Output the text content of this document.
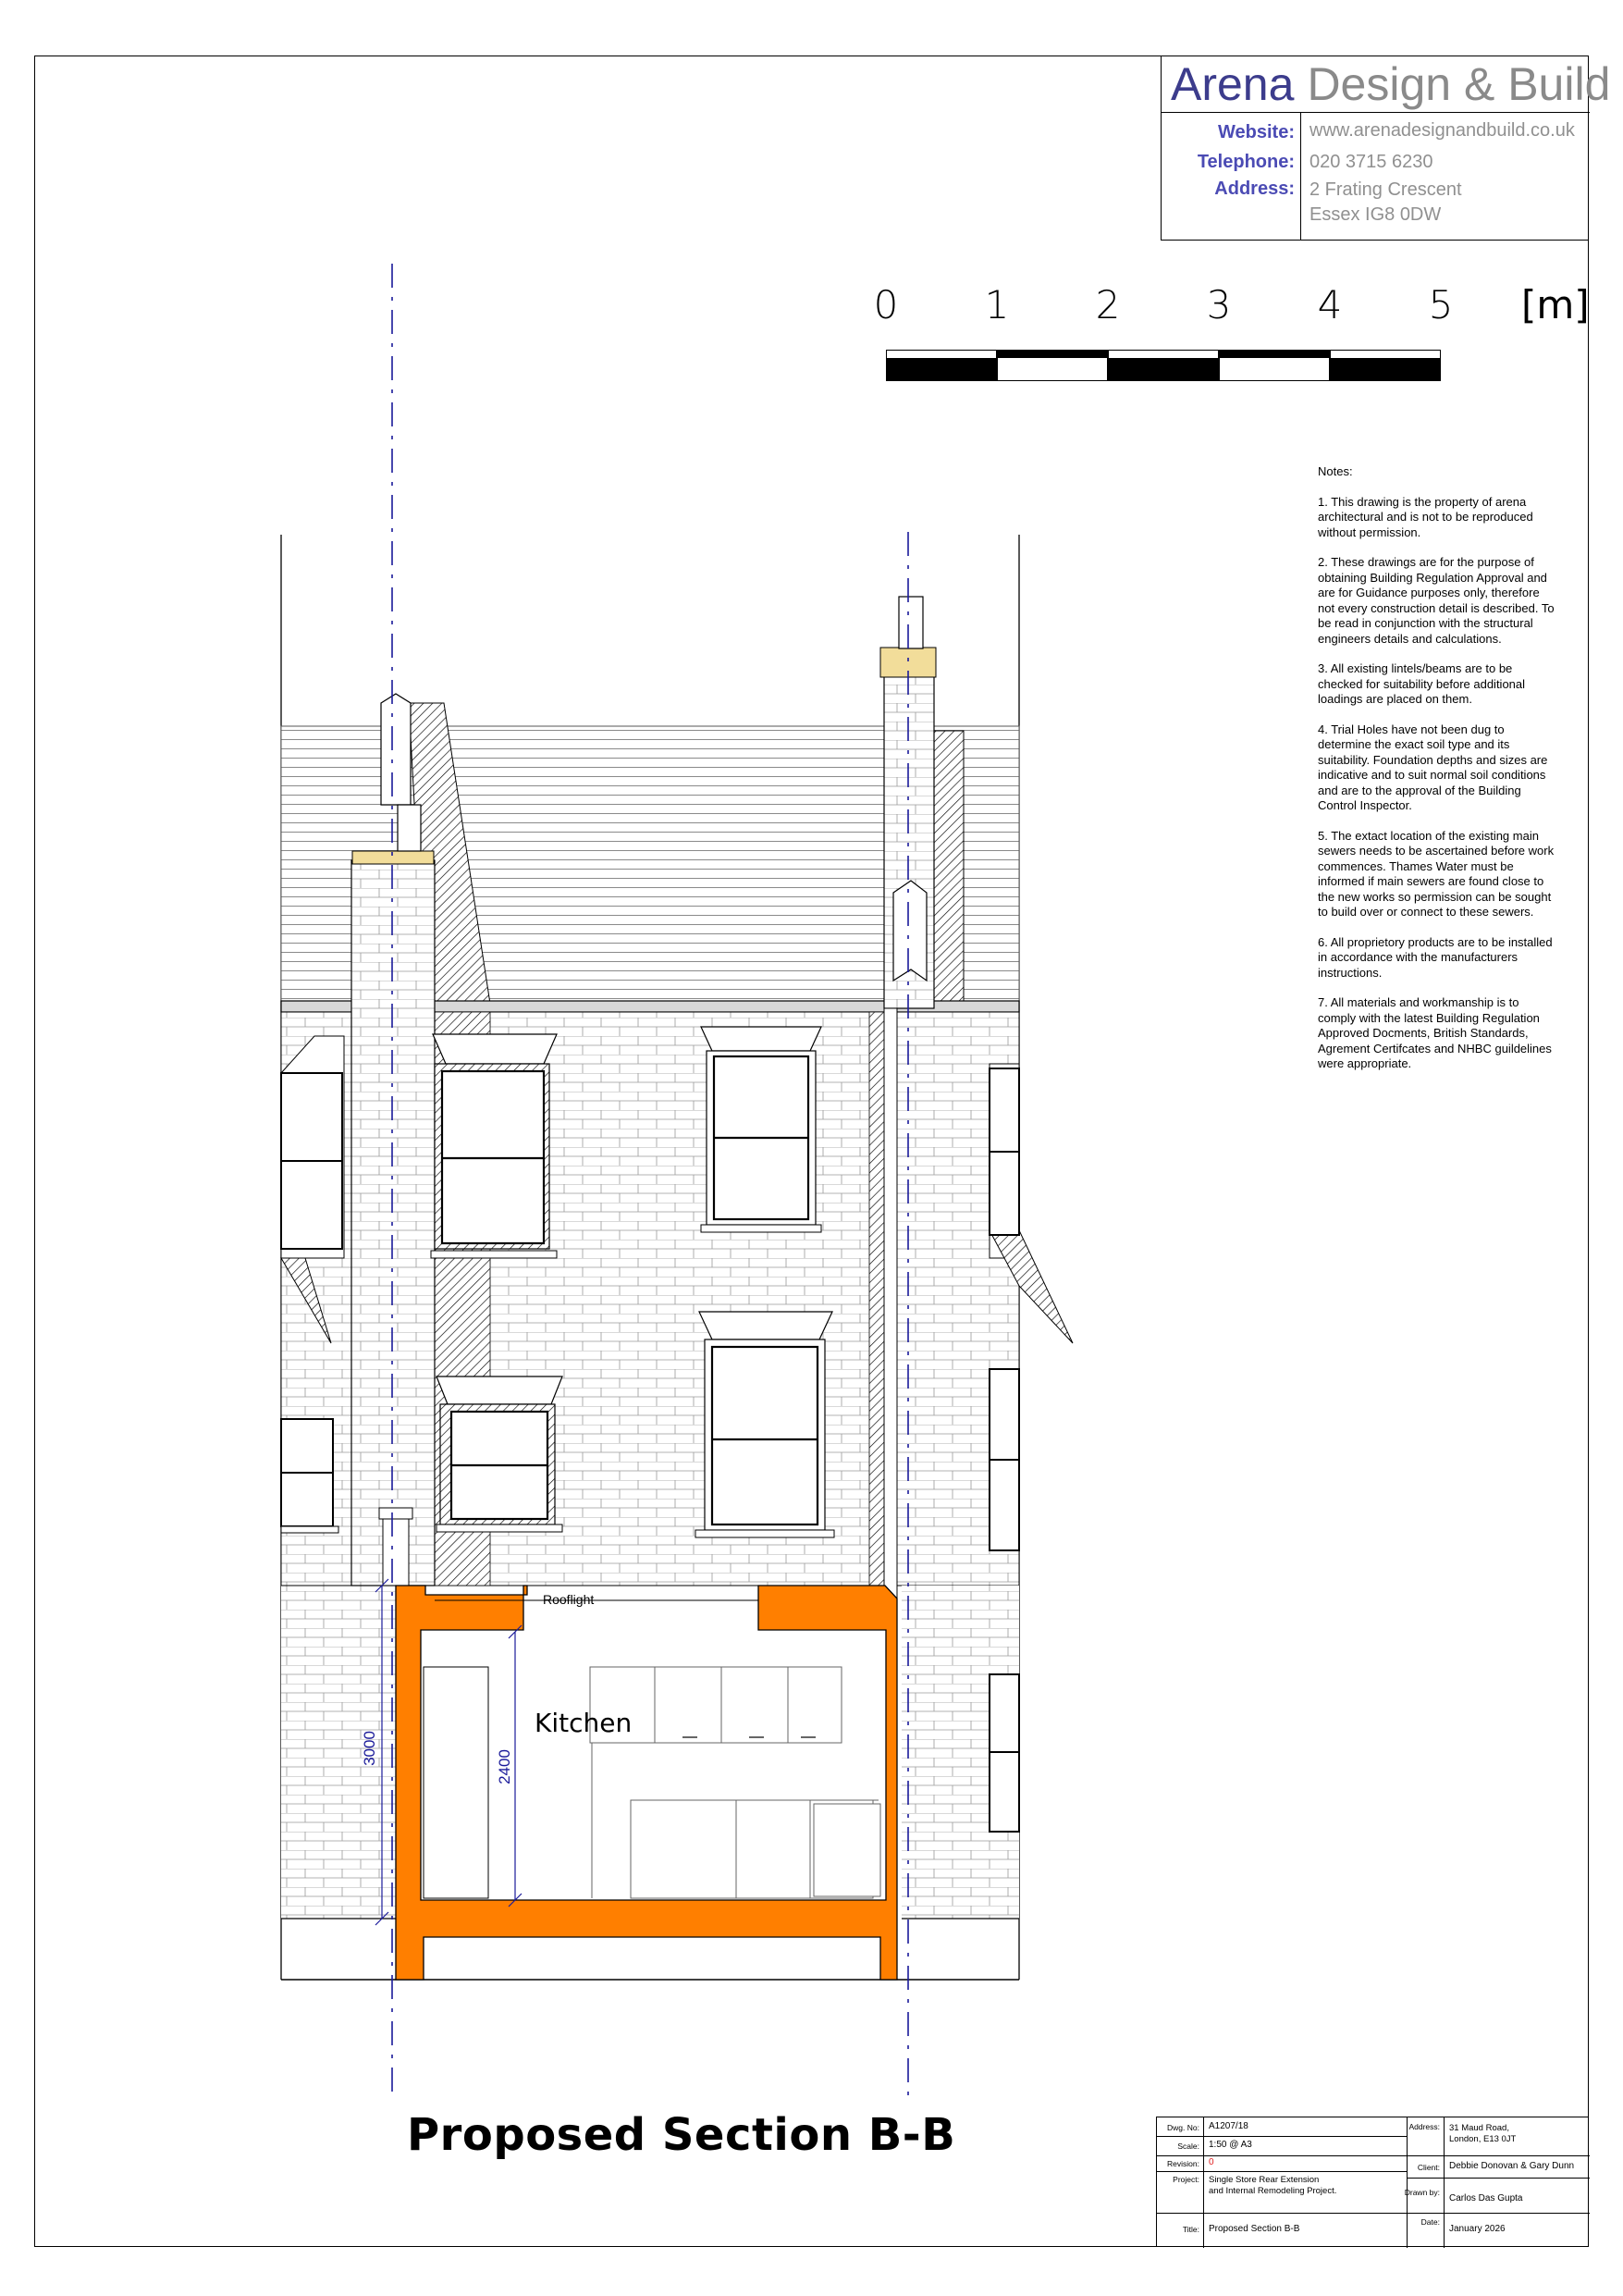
Arena Design & Build
Website: www.arenadesignandbuild.co.uk
Telephone: 020 3715 6230
Address: 2 Frating Crescent
Essex IG8 0DW
0 1 2 3 4 5 [m]
Notes:
1. This drawing is the property of arena architectural and is not to be reproduced without permission.
2. These drawings are for the purpose of
obtaining Building Regulation Approval and are for Guidance purposes only, therefore not every construction detail is described. To be read in conjunction with the structural engineers details and calculations.
3. All existing lintels/beams are to be checked for suitability before additional loadings are placed on them.
4. Trial Holes have not been dug to determine the exact soil type and its suitability. Foundation depths and sizes are indicative and to suit normal soil conditions and are to the approval of the Building Control Inspector.
5. The extact location of the existing main sewers needs to be ascertained before work commences. Thames Water must be informed if main sewers are found close to the new works so permission can be sought to build over or connect to these sewers.
6. All proprietory products are to be installed in accordance with the manufacturers instructions.
7. All materials and workmanship is to comply with the latest Building Regulation Approved Docments, British Standards, Agrement Certifcates and NHBC guildelines were appropriate.
Rooflight
Kitchen
3000
2400
Proposed Section B-B	Dwg. No: A1207/18
Scale: 1:50 @ A3
Revision: 0
Project: Single Store Rear Extension
and Internal Remodeling Project.
Title: Proposed Section B-B
Address: 31 Maud Road,
London, E13 0JT
Client: Debbie Donovan & Gary Dunn
Drawn by:
Carlos Das Gupta
Date:
January 2026
